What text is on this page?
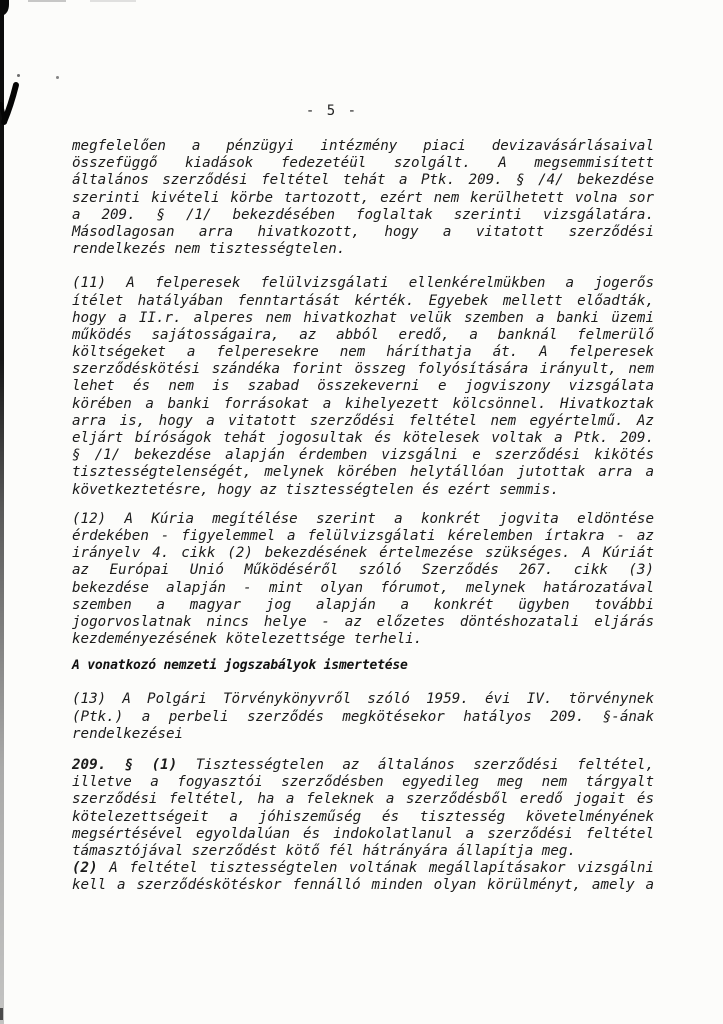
- 5 -
megfelelően a pénzügyi intézmény piaci devizavásárlásaival
összefüggő kiadások fedezetéül szolgált. A megsemmisített
általános szerződési feltétel tehát a Ptk. 209. § /4/ bekezdése
szerinti kivételi körbe tartozott, ezért nem kerülhetett volna sor
a 209. § /1/ bekezdésében foglaltak szerinti vizsgálatára.
Másodlagosan arra hivatkozott, hogy a vitatott szerződési
rendelkezés nem tisztességtelen.
(11) A felperesek felülvizsgálati ellenkérelmükben a jogerős
ítélet hatályában fenntartását kérték. Egyebek mellett előadták,
hogy a II.r. alperes nem hivatkozhat velük szemben a banki üzemi
működés sajátosságaira, az abból eredő, a banknál felmerülő
költségeket a felperesekre nem háríthatja át. A felperesek
szerződéskötési szándéka forint összeg folyósítására irányult, nem
lehet és nem is szabad összekeverni e jogviszony vizsgálata
körében a banki forrásokat a kihelyezett kölcsönnel. Hivatkoztak
arra is, hogy a vitatott szerződési feltétel nem egyértelmű. Az
eljárt bíróságok tehát jogosultak és kötelesek voltak a Ptk. 209.
§ /1/ bekezdése alapján érdemben vizsgálni e szerződési kikötés
tisztességtelenségét, melynek körében helytállóan jutottak arra a
következtetésre, hogy az tisztességtelen és ezért semmis.
(12) A Kúria megítélése szerint a konkrét jogvita eldöntése
érdekében - figyelemmel a felülvizsgálati kérelemben írtakra - az
irányelv 4. cikk (2) bekezdésének értelmezése szükséges. A Kúriát
az Európai Unió Működéséről szóló Szerződés 267. cikk (3)
bekezdése alapján - mint olyan fórumot, melynek határozatával
szemben a magyar jog alapján a konkrét ügyben további
jogorvoslatnak nincs helye - az előzetes döntéshozatali eljárás
kezdeményezésének kötelezettsége terheli.
A vonatkozó nemzeti jogszabályok ismertetése
(13) A Polgári Törvénykönyvről szóló 1959. évi IV. törvénynek
(Ptk.) a perbeli szerződés megkötésekor hatályos 209. §-ának
rendelkezései
209. § (1) Tisztességtelen az általános szerződési feltétel,
illetve a fogyasztói szerződésben egyedileg meg nem tárgyalt
szerződési feltétel, ha a feleknek a szerződésből eredő jogait és
kötelezettségeit a jóhiszeműség és tisztesség követelményének
megsértésével egyoldalúan és indokolatlanul a szerződési feltétel
támasztójával szerződést kötő fél hátrányára állapítja meg.
(2) A feltétel tisztességtelen voltának megállapításakor vizsgálni
kell a szerződéskötéskor fennálló minden olyan körülményt, amely a
